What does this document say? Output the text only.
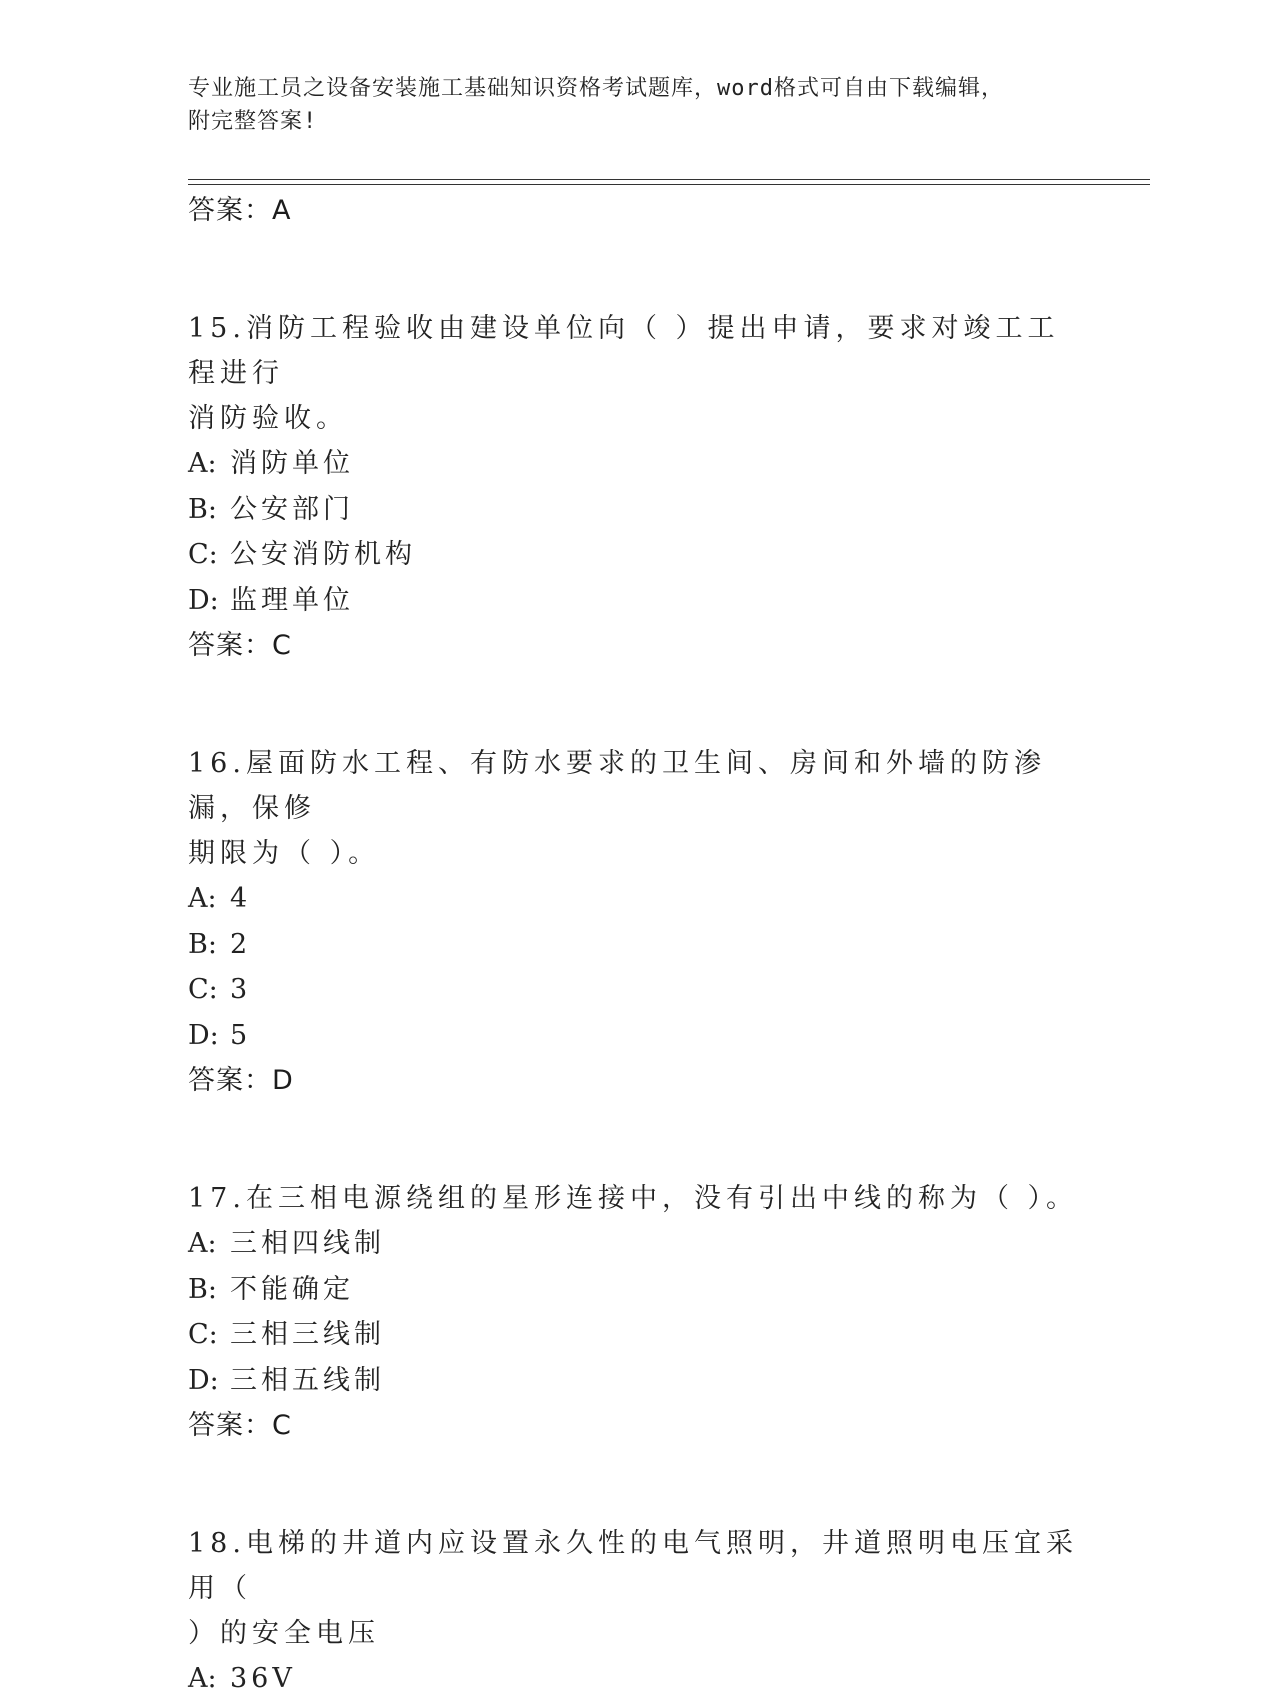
专业施工员之设备安装施工基础知识资格考试题库，word格式可自由下载编辑，
附完整答案!
答案：A
15.消防工程验收由建设单位向（ ）提出申请，要求对竣工工程进行
消防验收。
A: 消防单位
B: 公安部门
C: 公安消防机构
D: 监理单位
答案：C
16.屋面防水工程、有防水要求的卫生间、房间和外墙的防渗漏，保修
期限为（ ）。
A: 4
B: 2
C: 3
D: 5
答案：D
17.在三相电源绕组的星形连接中，没有引出中线的称为（ ）。
A: 三相四线制
B: 不能确定
C: 三相三线制
D: 三相五线制
答案：C
18.电梯的井道内应设置永久性的电气照明，井道照明电压宜采用（
）的安全电压
A: 36V
